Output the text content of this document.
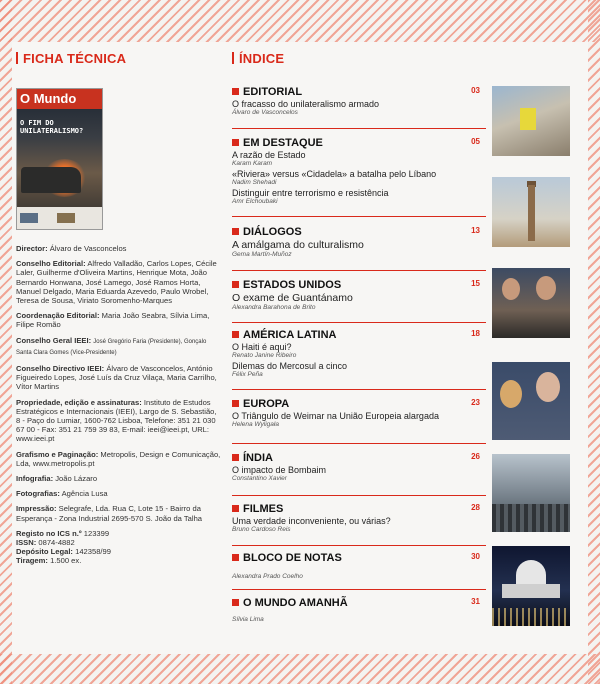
FICHA TÉCNICA	ÍNDICE
O Mundo
O FIM DO UNILATERALISMO?
Director: Álvaro de Vasconcelos
Conselho Editorial: Alfredo Valladão, Carlos Lopes, Cécile Laler, Guilherme d'Oliveira Martins, Henrique Mota, João Bernardo Honwana, José Lamego, José Ramos Horta, Manuel Delgado, Maria Eduarda Azevedo, Paulo Wrobel, Teresa de Sousa, Viriato Soromenho-Marques
Coordenação Editorial: Maria João Seabra, Sílvia Lima, Filipe Romão
Conselho Geral IEEI: José Gregório Faria (Presidente), Gonçalo Santa Clara Gomes (Vice-Presidente)
Conselho Directivo IEEI: Álvaro de Vasconcelos, António Figueiredo Lopes, José Luís da Cruz Vilaça, Maria Carrilho, Vítor Martins
Propriedade, edição e assinaturas: Instituto de Estudos Estratégicos e Internacionais (IEEI), Largo de S. Sebastião, 8 - Paço do Lumiar, 1600-762 Lisboa, Telefone: 351 21 030 67 00 - Fax: 351 21 759 39 83, E-mail: ieei@ieei.pt, URL: www.ieei.pt
Grafismo e Paginação: Metropolis, Design e Comunicação, Lda, www.metropolis.pt
Infografia: João Lázaro
Fotografias: Agência Lusa
Impressão: Selegrafe, Lda. Rua C, Lote 15 - Bairro da Esperança - Zona Industrial 2695-570 S. João da Talha
Registo no ICS n.º 123399
ISSN: 0874-4882
Depósito Legal: 142358/99
Tiragem: 1.500 ex.
EDITORIAL	03
O fracasso do unilateralismo armado
Álvaro de Vasconcelos
EM DESTAQUE	05
A razão de Estado
Karam Karam
«Riviera» versus «Cidadela» a batalha pelo Líbano
Nadim Shehadi
Distinguir entre terrorismo e resistência
Amr Elchoubaki
DIÁLOGOS	13
A amálgama do culturalismo
Gema Martín-Muñoz
ESTADOS UNIDOS	15
O exame de Guantánamo
Alexandra Barahona de Brito
AMÉRICA LATINA	18
O Haiti é aqui?
Renato Janine Ribeiro
Dilemas do Mercosul a cinco
Félix Peña
EUROPA	23
O Triângulo de Weimar na União Europeia alargada
Helena Wyligała
ÍNDIA	26
O impacto de Bombaim
Constantino Xavier
FILMES	28
Uma verdade inconveniente, ou várias?
Bruno Cardoso Reis
BLOCO DE NOTAS	30
Alexandra Prado Coelho
O MUNDO AMANHÃ	31
Sílvia Lima
